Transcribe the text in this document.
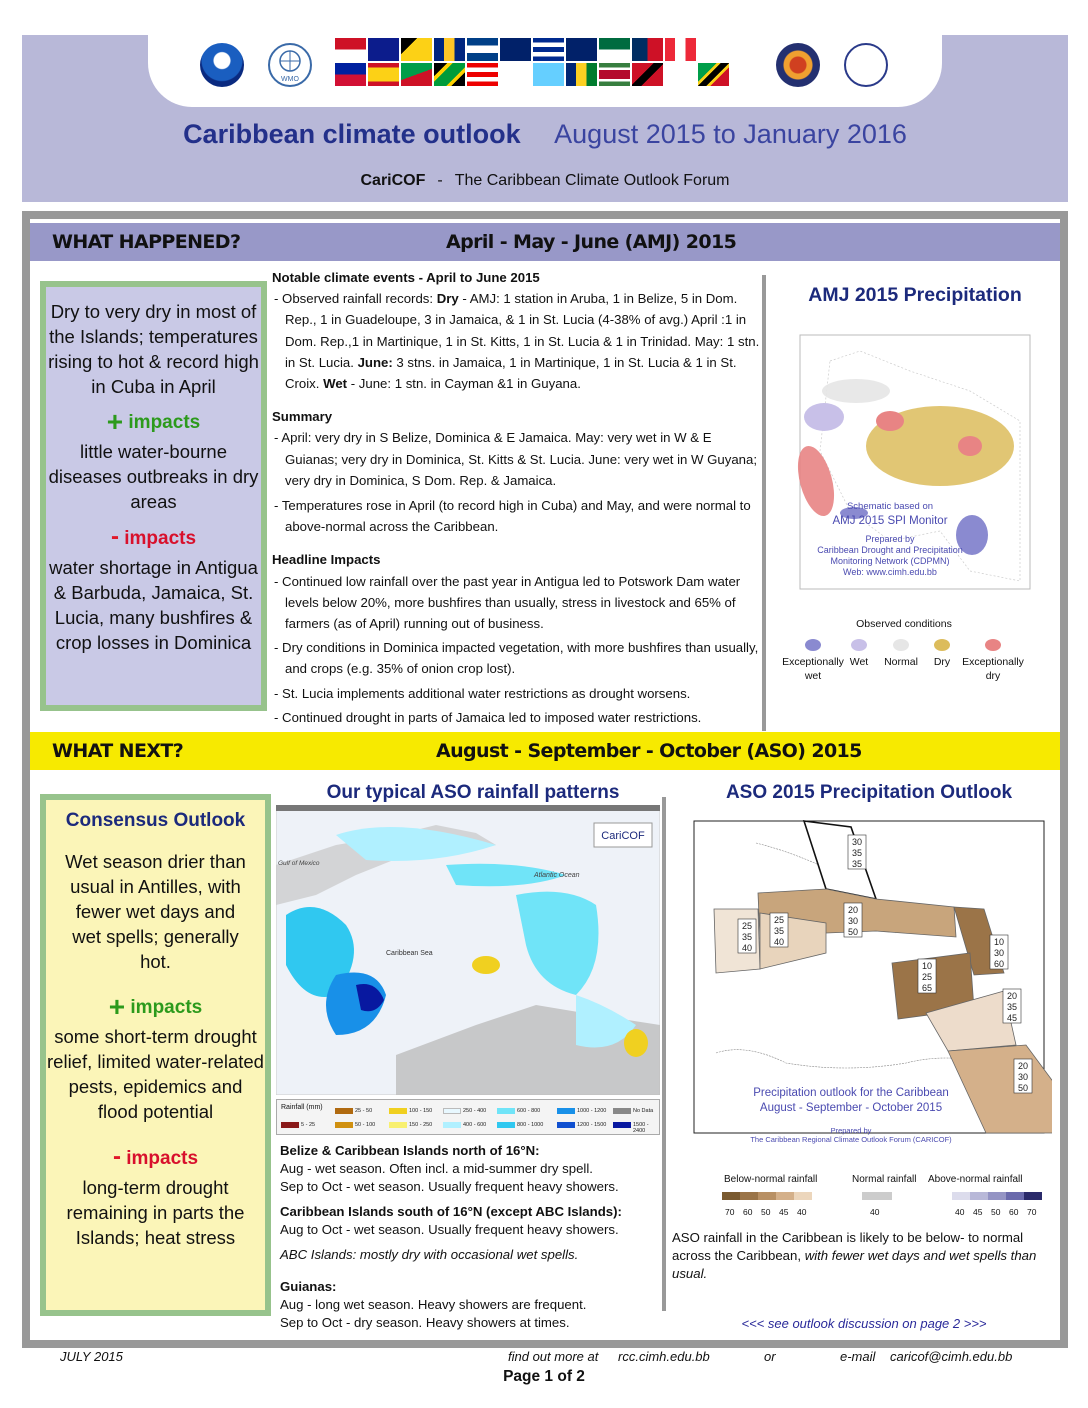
WMO
Caribbean climate outlook August 2015 to January 2016
CariCOF - The Caribbean Climate Outlook Forum
WHAT HAPPENED?	April - May - June (AMJ) 2015
Dry to very dry in most of the Islands; temperatures rising to hot & record high in Cuba in April
+ impacts
little water-bourne diseases outbreaks in dry areas
- impacts
water shortage in Antigua & Barbuda, Jamaica, St. Lucia, many bushfires & crop losses in Dominica
Notable climate events - April to June 2015
- Observed rainfall records: Dry - AMJ: 1 station in Aruba, 1 in Belize, 5 in Dom. Rep., 1 in Guadeloupe, 3 in Jamaica, & 1 in St. Lucia (4-38% of avg.) April :1 in Dom. Rep.,1 in Martinique, 1 in St. Kitts, 1 in St. Lucia & 1 in Trinidad. May: 1 stn. in St. Lucia. June: 3 stns. in Jamaica, 1 in Martinique, 1 in St. Lucia & 1 in St. Croix. Wet - June: 1 stn. in Cayman &1 in Guyana.
Summary
- April: very dry in S Belize, Dominica & E Jamaica. May: very wet in W & E Guianas; very dry in Dominica, St. Kitts & St. Lucia. June: very wet in W Guyana; very dry in Dominica, S Dom. Rep. & Jamaica.
- Temperatures rose in April (to record high in Cuba) and May, and were normal to above-normal across the Caribbean.
Headline Impacts
- Continued low rainfall over the past year in Antigua led to Potswork Dam water levels below 20%, more bushfires than usually, stress in livestock and 65% of farmers (as of April) running out of business.
- Dry conditions in Dominica impacted vegetation, with more bushfires than usually, and crops (e.g. 35% of onion crop lost).
- St. Lucia implements additional water restrictions as drought worsens.
- Continued drought in parts of Jamaica led to imposed water restrictions.
AMJ 2015 Precipitation
Schematic based on
AMJ 2015 SPI Monitor
Prepared by
Caribbean Drought and Precipitation
Monitoring Network (CDPMN)
Web: www.cimh.edu.bb
Observed conditions
Exceptionally wet
Wet	Normal	Dry	Exceptionally dry
WHAT NEXT?	August - September - October (ASO) 2015
Consensus Outlook
Wet season drier than usual in Antilles, with fewer wet days and wet spells; generally hot.
+ impacts
some short-term drought relief, limited water-related pests, epidemics and flood potential
- impacts
long-term drought remaining in parts the Islands; heat stress
Our typical ASO rainfall patterns
CariCOF
Gulf of Mexico
Atlantic Ocean
Caribbean Sea
Rainfall (mm)
5 - 25
25 - 50
50 - 100
100 - 150
150 - 250
250 - 400
400 - 600
600 - 800
800 - 1000
1000 - 1200
1200 - 1500	1500 - 2400
No Data
Belize & Caribbean Islands north of 16°N:
Aug - wet season. Often incl. a mid-summer dry spell.
Sep to Oct - wet season. Usually frequent heavy showers.
Caribbean Islands south of 16°N (except ABC Islands):
Aug to Oct - wet season. Usually frequent heavy showers.
ABC Islands: mostly dry with occasional wet spells.
Guianas:
Aug - long wet season. Heavy showers are frequent.
Sep to Oct - dry season. Heavy showers at times.
ASO 2015 Precipitation Outlook
30
35
35
25
35
40
25
35
40
20
30
50
10
30
60
10
25
65
20
35
45
20
30
50
Precipitation outlook for the Caribbean
August - September - October 2015
Prepared by
The Caribbean Regional Climate Outlook Forum (CARICOF)
Below-normal rainfall	Normal rainfall Above-normal rainfall
70 60 50 45 40	40	40 45 50 60 70
ASO rainfall in the Caribbean is likely to be below- to normal across the Caribbean, with fewer wet days and wet spells than usual.
<<< see outlook discussion on page 2 >>>
JULY 2015	find out more at rcc.cimh.edu.bb	or	e-mail caricof@cimh.edu.bb
Page 1 of 2
